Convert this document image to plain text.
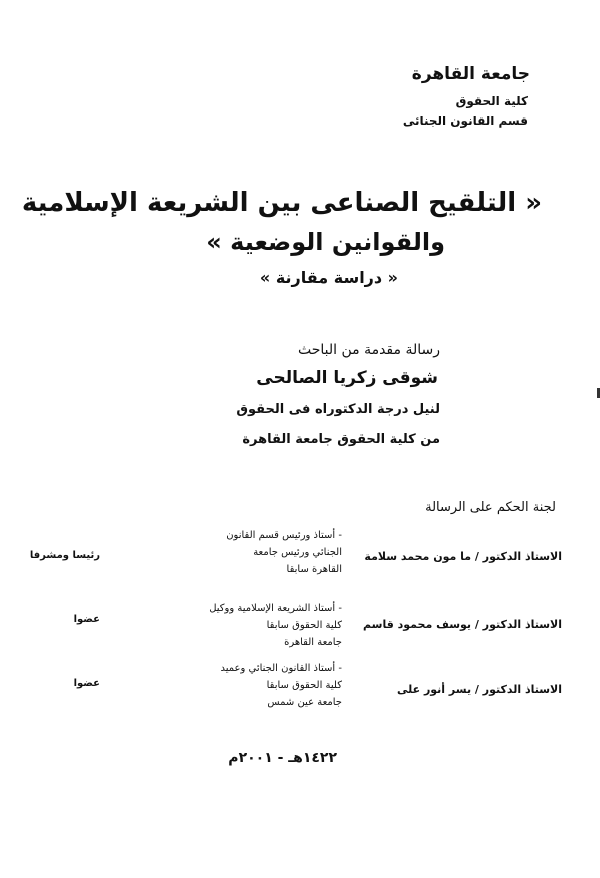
جامعة القاهرة
كلية الحقوق
قسم القانون الجنائى
« التلقيح الصناعى بين الشريعة الإسلامية
والقوانين الوضعية »
« دراسة مقارنة »
رسالة مقدمة من الباحث
شوقى زكريا الصالحى
لنيل درجة الدكتوراه فى الحقوق
من كلية الحقوق جامعة القاهرة
لجنة الحكم على الرسالة
الاستاذ الدكتور / ما مون محمد سلامة
- أستاذ ورئيس قسم القانون
الجنائي ورئيس جامعة
القاهرة سابقا
رئيسا ومشرفا
الاستاذ الدكتور / يوسف محمود قاسم
- أستاذ الشريعة الإسلامية ووكيل
كلية الحقوق سابقا
جامعة القاهرة
عضوا
الاستاذ الدكتور / يسر أنور على
- أستاذ القانون الجنائي وعميد
كلية الحقوق سابقا
جامعة عين شمس
عضوا
١٤٢٢هـ - ٢٠٠١م
